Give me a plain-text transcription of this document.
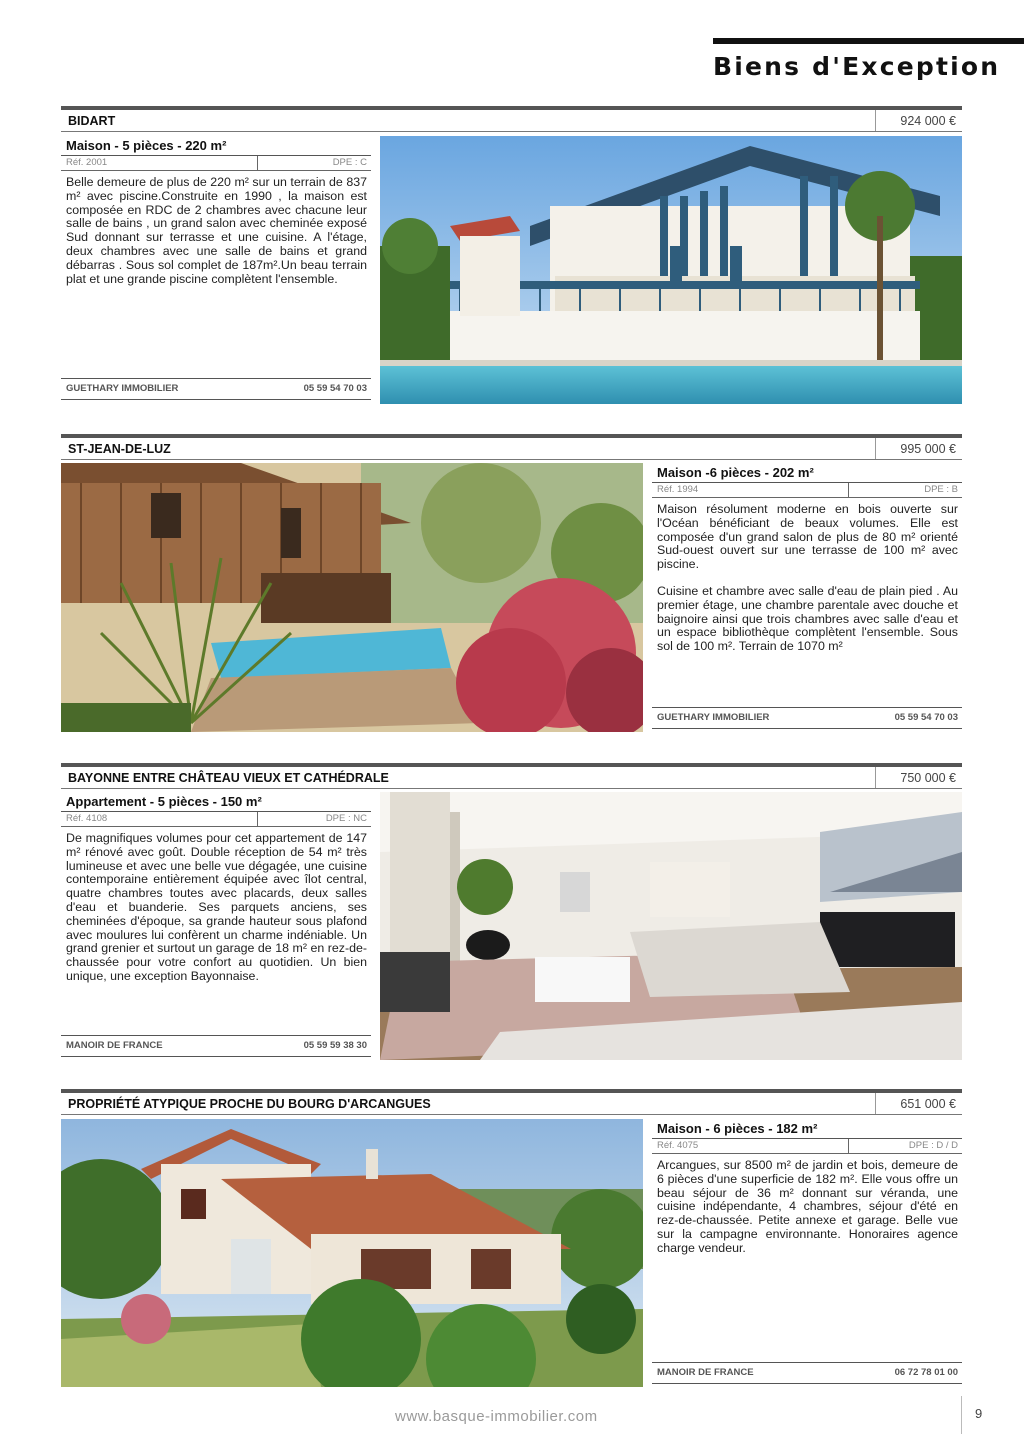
Biens d'Exception
BIDART	924 000 €
Maison - 5 pièces - 220 m²
Réf. 2001	DPE : C

Belle demeure de plus de 220 m² sur un terrain de 837 m² avec piscine.Construite en 1990 , la maison est composée en RDC de 2 chambres avec chacune leur salle de bains , un grand salon avec cheminée exposé Sud donnant sur terrasse et une cuisine. A l'étage, deux chambres avec une salle de bains et grand débarras . Sous sol complet de 187m².Un beau terrain plat et une grande piscine complètent l'ensemble.

GUETHARY IMMOBILIER	05 59 54 70 03
ST-JEAN-DE-LUZ	995 000 €
Maison -6 pièces - 202 m²
Réf. 1994	DPE : B

Maison résolument moderne en bois ouverte sur l'Océan bénéficiant de beaux volumes. Elle est composée d'un grand salon de plus de 80 m² orienté Sud-ouest ouvert sur une terrasse de 100 m² avec piscine.

Cuisine et chambre avec salle d'eau de plain pied . Au premier étage, une chambre parentale avec douche et baignoire ainsi que trois chambres avec salle d'eau et un espace bibliothèque complètent l'ensemble. Sous sol de 100 m². Terrain de 1070 m²

GUETHARY IMMOBILIER	05 59 54 70 03
BAYONNE ENTRE CHÂTEAU VIEUX ET CATHÉDRALE	750 000 €
Appartement - 5 pièces - 150 m²
Réf. 4108	DPE : NC

De magnifiques volumes pour cet appartement de 147 m² rénové avec goût. Double réception de 54 m² très lumineuse et avec une belle vue dégagée, une cuisine contemporaine entièrement équipée avec îlot central, quatre chambres toutes avec placards, deux salles d'eau et buanderie. Ses parquets anciens, ses cheminées d'époque, sa grande hauteur sous plafond avec moulures lui confèrent un charme indéniable. Un grand grenier et surtout un garage de 18 m² en rez-de-chaussée pour votre confort au quotidien. Un bien unique, une exception Bayonnaise.

MANOIR DE FRANCE	05 59 59 38 30
PROPRIÉTÉ ATYPIQUE PROCHE DU BOURG D'ARCANGUES	651 000 €
Maison - 6 pièces - 182 m²
Réf. 4075	DPE : D / D

Arcangues, sur 8500 m² de jardin et bois, demeure de 6 pièces d'une superficie de 182 m². Elle vous offre un beau séjour de 36 m² donnant sur véranda, une cuisine indépendante, 4 chambres, séjour d'été en rez-de-chaussée. Petite annexe et garage. Belle vue sur la campagne environnante. Honoraires agence charge vendeur.

MANOIR DE FRANCE	06 72 78 01 00
www.basque-immobilier.com	9
